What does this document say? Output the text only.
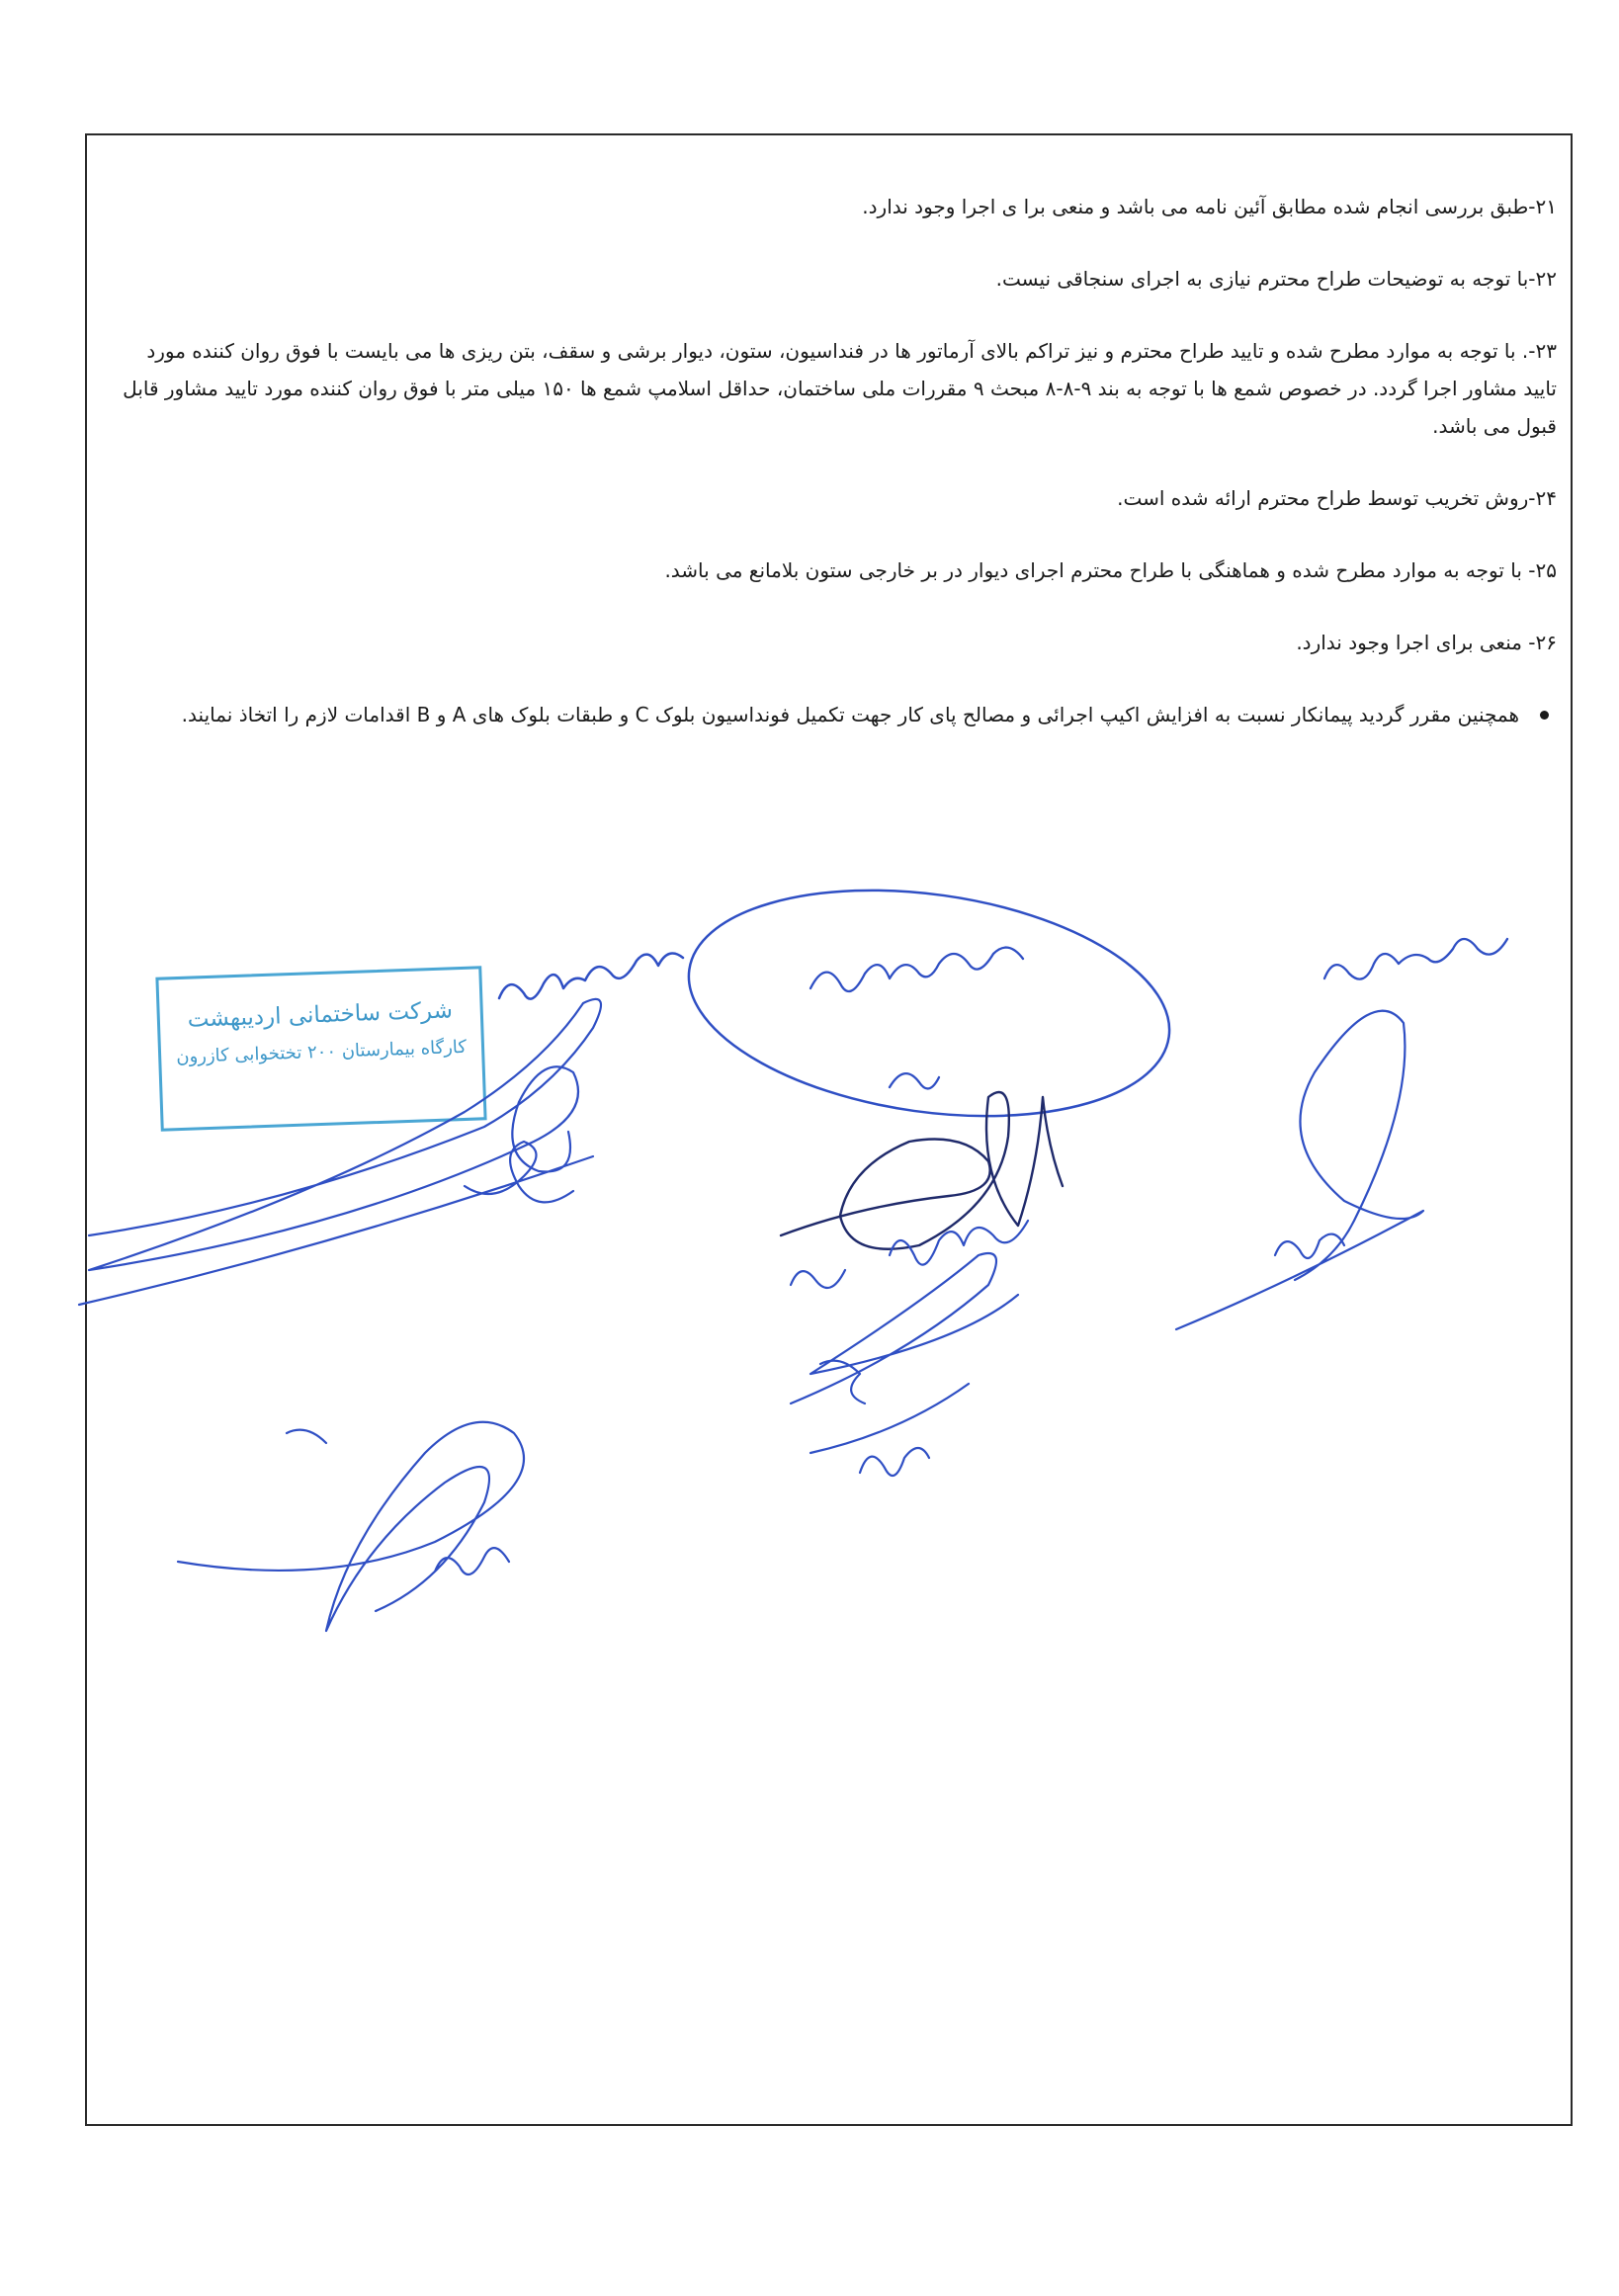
۲۱-طبق بررسی انجام شده مطابق آئین نامه می باشد و منعی برا ی اجرا وجود ندارد.

۲۲-با توجه به توضیحات طراح محترم نیازی به اجرای سنجاقی نیست.

۲۳-. با توجه به موارد مطرح شده و تایید طراح محترم و نیز تراکم بالای آرماتور ها در فنداسیون، ستون، دیوار برشی و سقف، بتن ریزی ها می بایست با فوق روان کننده مورد تایید مشاور اجرا گردد. در خصوص شمع ها با توجه به بند ۹-۸-۸ مبحث ۹ مقررات ملی ساختمان، حداقل اسلامپ شمع ها ۱۵۰ میلی متر با فوق روان کننده مورد تایید مشاور قابل قبول می باشد.

۲۴-روش تخریب توسط طراح محترم ارائه شده است.

۲۵- با توجه به موارد مطرح شده و هماهنگی با طراح محترم اجرای دیوار در بر خارجی ستون بلامانع می باشد.

۲۶- منعی برای اجرا وجود ندارد.

همچنین مقرر گردید پیمانکار نسبت به افزایش اکیپ اجرائی و مصالح پای کار جهت تکمیل فونداسیون بلوک C و طبقات بلوک های A و B اقدامات لازم را اتخاذ نمایند.

شرکت ساختمانی اردیبهشت
کارگاه بیمارستان ۲۰۰ تختخوابی کازرون
